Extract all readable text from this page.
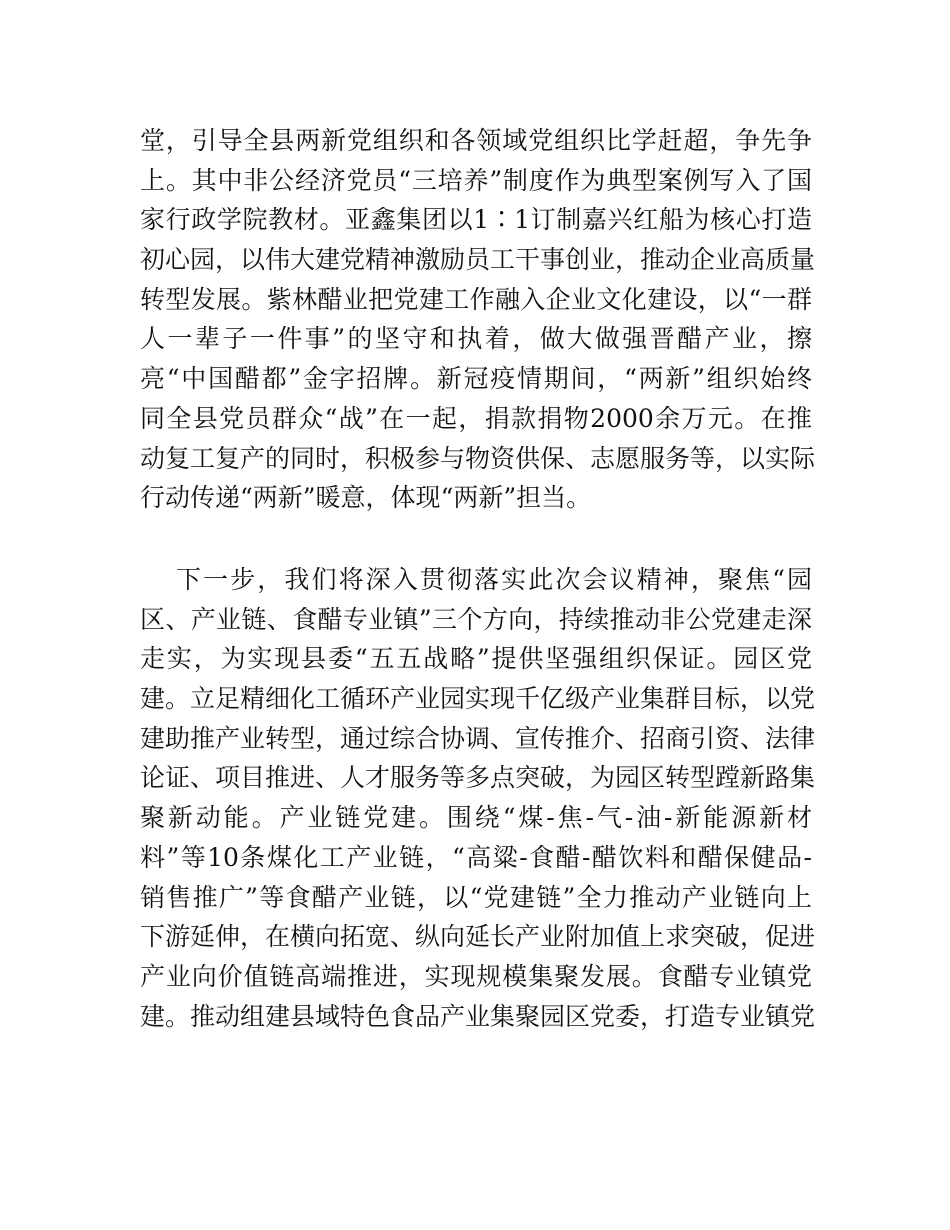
堂，引导全县两新党组织和各领域党组织比学赶超，争先争
上。其中非公经济党员“三培养”制度作为典型案例写入了国
家行政学院教材。亚鑫集团以1∶1订制嘉兴红船为核心打造
初心园，以伟大建党精神激励员工干事创业，推动企业高质量
转型发展。紫林醋业把党建工作融入企业文化建设，以“一群
人一辈子一件事”的坚守和执着，做大做强晋醋产业，擦
亮“中国醋都”金字招牌。新冠疫情期间，“两新”组织始终
同全县党员群众“战”在一起，捐款捐物2000余万元。在推
动复工复产的同时，积极参与物资供保、志愿服务等，以实际
行动传递“两新”暖意，体现“两新”担当。
下一步，我们将深入贯彻落实此次会议精神，聚焦“园
区、产业链、食醋专业镇”三个方向，持续推动非公党建走深
走实，为实现县委“五五战略”提供坚强组织保证。园区党
建。立足精细化工循环产业园实现千亿级产业集群目标，以党
建助推产业转型，通过综合协调、宣传推介、招商引资、法律
论证、项目推进、人才服务等多点突破，为园区转型蹚新路集
聚新动能。产业链党建。围绕“煤-焦-气-油-新能源新材
料”等10条煤化工产业链，“高粱-食醋-醋饮料和醋保健品-
销售推广”等食醋产业链，以“党建链”全力推动产业链向上
下游延伸，在横向拓宽、纵向延长产业附加值上求突破，促进
产业向价值链高端推进，实现规模集聚发展。食醋专业镇党
建。推动组建县域特色食品产业集聚园区党委，打造专业镇党
